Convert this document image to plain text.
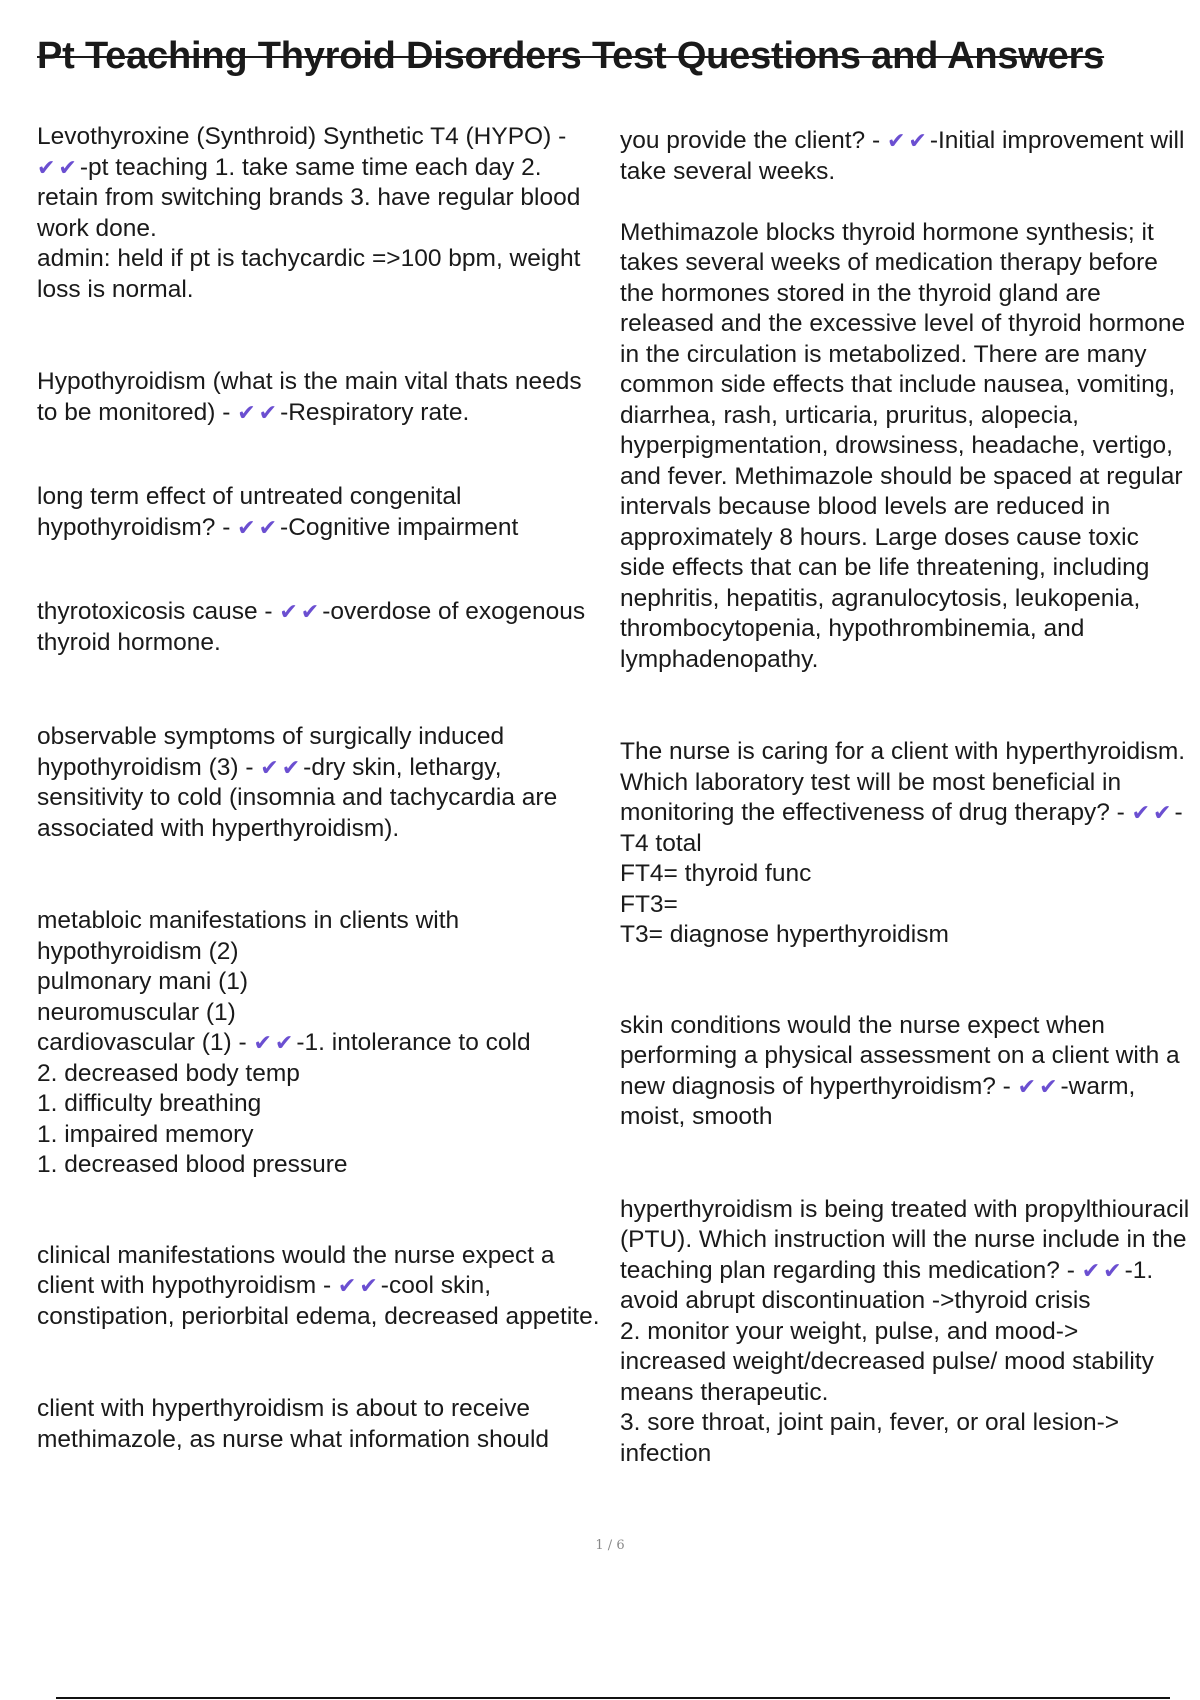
Pt Teaching Thyroid Disorders Test Questions and Answers

Levothyroxine (Synthroid) Synthetic T4 (HYPO) - ✔✔-pt teaching 1. take same time each day 2. retain from switching brands 3. have regular blood work done.
admin: held if pt is tachycardic =>100 bpm, weight loss is normal.

Hypothyroidism (what is the main vital thats needs to be monitored) - ✔✔-Respiratory rate.

long term effect of untreated congenital hypothyroidism? - ✔✔-Cognitive impairment

thyrotoxicosis cause - ✔✔-overdose of exogenous thyroid hormone.

observable symptoms of surgically induced hypothyroidism (3) - ✔✔-dry skin, lethargy, sensitivity to cold (insomnia and tachycardia are associated with hyperthyroidism).

metabloic manifestations in clients with hypothyroidism (2)
pulmonary mani (1)
neuromuscular (1)
cardiovascular (1) - ✔✔-1. intolerance to cold
2. decreased body temp
1. difficulty breathing
1. impaired memory
1. decreased blood pressure

clinical manifestations would the nurse expect a client with hypothyroidism - ✔✔-cool skin, constipation, periorbital edema, decreased appetite.

client with hyperthyroidism is about to receive methimazole, as nurse what information should

you provide the client? - ✔✔-Initial improvement will take several weeks.

Methimazole blocks thyroid hormone synthesis; it takes several weeks of medication therapy before the hormones stored in the thyroid gland are released and the excessive level of thyroid hormone in the circulation is metabolized. There are many common side effects that include nausea, vomiting, diarrhea, rash, urticaria, pruritus, alopecia, hyperpigmentation, drowsiness, headache, vertigo, and fever. Methimazole should be spaced at regular intervals because blood levels are reduced in approximately 8 hours. Large doses cause toxic side effects that can be life threatening, including nephritis, hepatitis, agranulocytosis, leukopenia, thrombocytopenia, hypothrombinemia, and lymphadenopathy.

The nurse is caring for a client with hyperthyroidism. Which laboratory test will be most beneficial in monitoring the effectiveness of drug therapy? - ✔✔-T4 total
FT4= thyroid func
FT3=
T3= diagnose hyperthyroidism

skin conditions would the nurse expect when performing a physical assessment on a client with a new diagnosis of hyperthyroidism? - ✔✔-warm, moist, smooth

hyperthyroidism is being treated with propylthiouracil (PTU). Which instruction will the nurse include in the teaching plan regarding this medication? - ✔✔-1. avoid abrupt discontinuation ->thyroid crisis
2. monitor your weight, pulse, and mood-> increased weight/decreased pulse/ mood stability means therapeutic.
3. sore throat, joint pain, fever, or oral lesion-> infection

1 / 6
